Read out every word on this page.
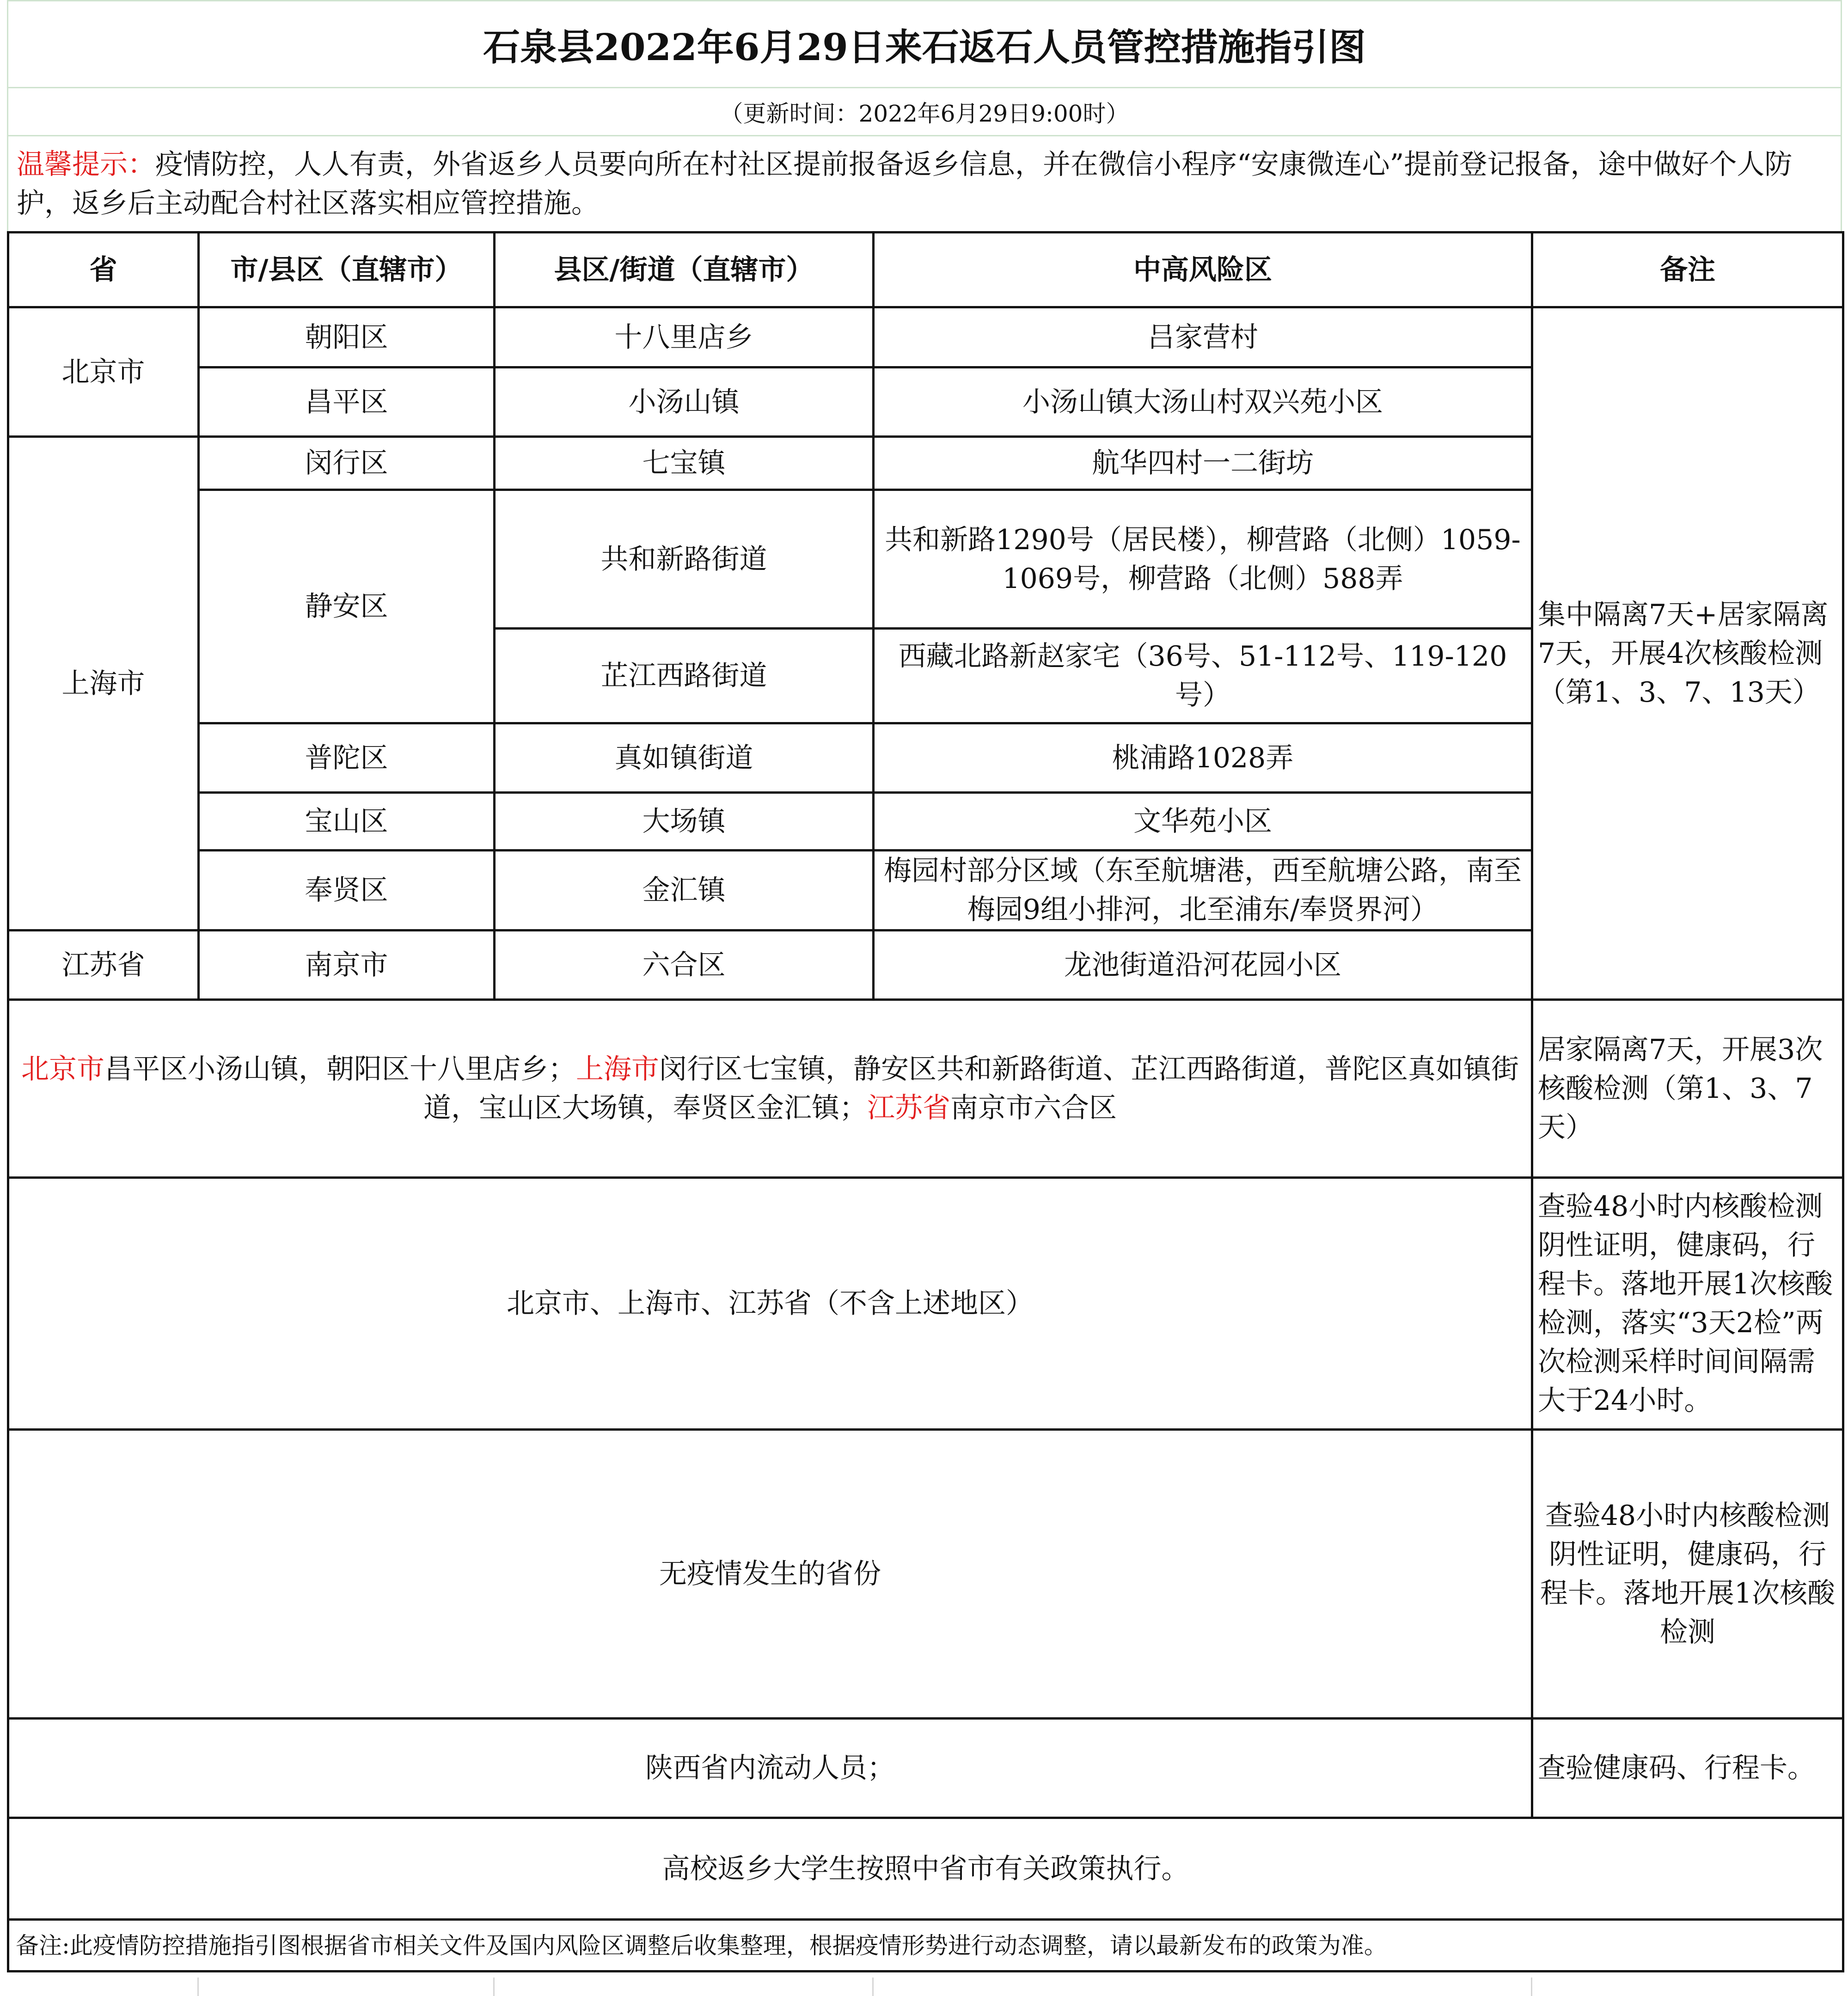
石泉县2022年6月29日来石返石人员管控措施指引图
（更新时间：2022年6月29日9:00时）
温馨提示：疫情防控，人人有责，外省返乡人员要向所在村社区提前报备返乡信息，并在微信小程序“安康微连心”提前登记报备，途中做好个人防护，返乡后主动配合村社区落实相应管控措施。
省	市/县区（直辖市）	县区/街道（直辖市）	中高风险区	备注
北京市	朝阳区	十八里店乡	吕家营村	集中隔离7天+居家隔离7天，开展4次核酸检测（第1、3、7、13天）
	昌平区	小汤山镇	小汤山镇大汤山村双兴苑小区	
上海市	闵行区	七宝镇	航华四村一二街坊	
	静安区	共和新路街道	共和新路1290号（居民楼），柳营路（北侧）1059-1069号，柳营路（北侧）588弄	
		芷江西路街道	西藏北路新赵家宅（36号、51-112号、119-120号）	
	普陀区	真如镇街道	桃浦路1028弄	
	宝山区	大场镇	文华苑小区	
	奉贤区	金汇镇	梅园村部分区域（东至航塘港，西至航塘公路，南至梅园9组小排河，北至浦东/奉贤界河）	
江苏省	南京市	六合区	龙池街道沿河花园小区	
北京市昌平区小汤山镇，朝阳区十八里店乡；上海市闵行区七宝镇，静安区共和新路街道、芷江西路街道，普陀区真如镇街道，宝山区大场镇，奉贤区金汇镇；江苏省南京市六合区				居家隔离7天，开展3次核酸检测（第1、3、7天）
北京市、上海市、江苏省（不含上述地区）				查验48小时内核酸检测阴性证明，健康码，行程卡。落地开展1次核酸检测，落实“3天2检”两次检测采样时间间隔需大于24小时。
无疫情发生的省份				查验48小时内核酸检测阴性证明，健康码，行程卡。落地开展1次核酸检测
陕西省内流动人员；				查验健康码、行程卡。
高校返乡大学生按照中省市有关政策执行。				
备注:此疫情防控措施指引图根据省市相关文件及国内风险区调整后收集整理，根据疫情形势进行动态调整，请以最新发布的政策为准。				
